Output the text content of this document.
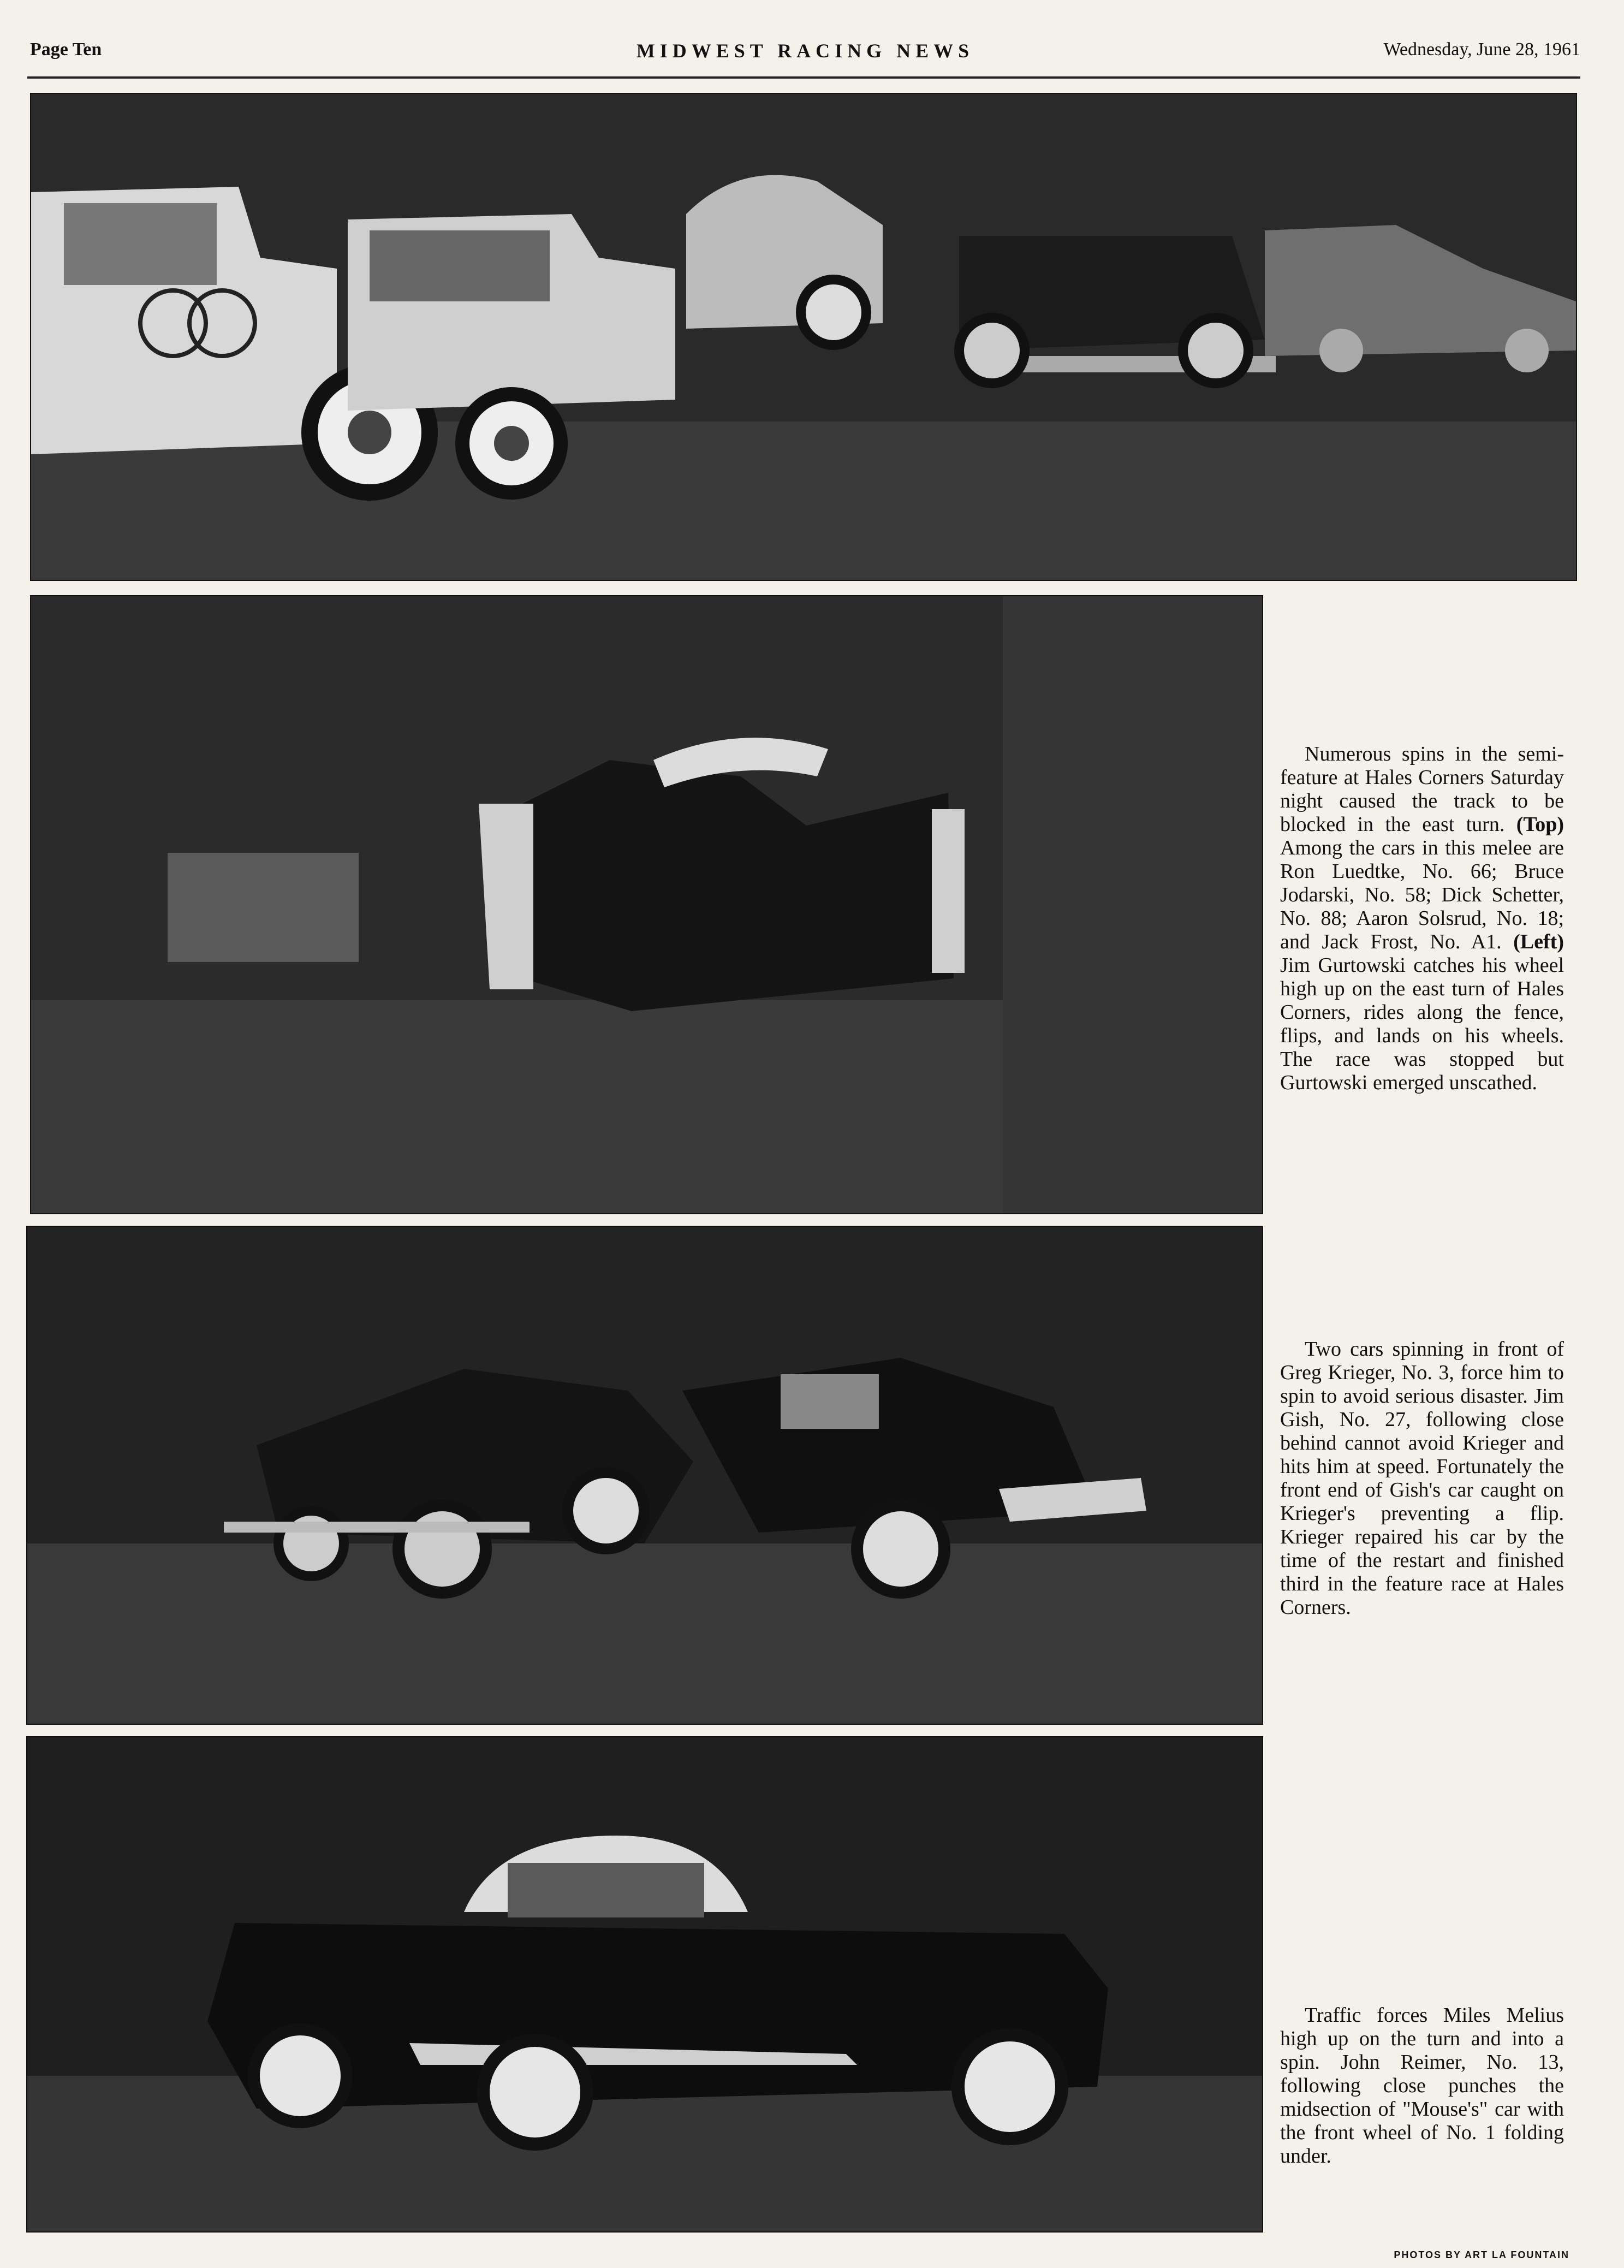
MIDWEST RACING NEWS
Page Ten	Wednesday, June 28, 1961

Numerous spins in the semi-feature at Hales Corners Saturday night caused the track to be blocked in the east turn. (Top) Among the cars in this melee are Ron Luedtke, No. 66; Bruce Jodarski, No. 58; Dick Schetter, No. 88; Aaron Solsrud, No. 18; and Jack Frost, No. A1. (Left) Jim Gurtowski catches his wheel high up on the east turn of Hales Corners, rides along the fence, flips, and lands on his wheels. The race was stopped but Gurtowski emerged unscathed.

Two cars spinning in front of Greg Krieger, No. 3, force him to spin to avoid serious disaster. Jim Gish, No. 27, following close behind cannot avoid Krieger and hits him at speed. Fortunately the front end of Gish's car caught on Krieger's preventing a flip. Krieger repaired his car by the time of the restart and finished third in the feature race at Hales Corners.

Traffic forces Miles Melius high up on the turn and into a spin. John Reimer, No. 13, following close punches the midsection of "Mouse's" car with the front wheel of No. 1 folding under.

PHOTOS BY ART LA FOUNTAIN
